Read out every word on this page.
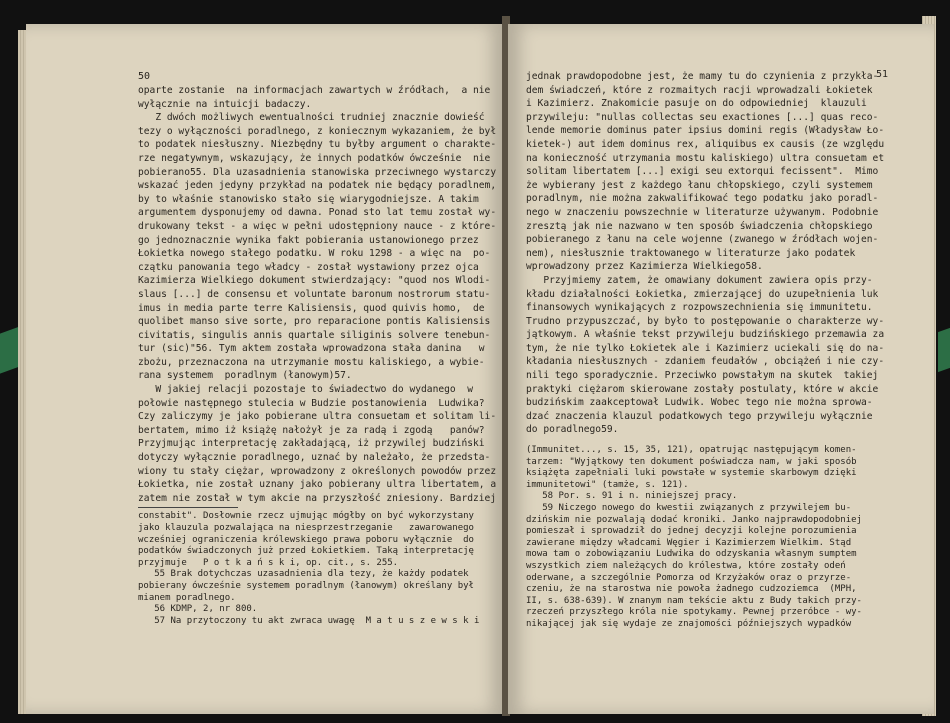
50
oparte zostanie  na informacjach zawartych w źródłach,  a nie
wyłącznie na intuicji badaczy.
Z dwóch możliwych ewentualności trudniej znacznie dowieść
tezy o wyłączności poradlnego, z koniecznym wykazaniem, że był
to podatek niesłuszny. Niezbędny tu byłby argument o charakte-
rze negatywnym, wskazujący, że innych podatków ówcześnie  nie
pobierano55. Dla uzasadnienia stanowiska przeciwnego wystarczy
wskazać jeden jedyny przykład na podatek nie będący poradlnem,
by to właśnie stanowisko stało się wiarygodniejsze. A takim
argumentem dysponujemy od dawna. Ponad sto lat temu został wy-
drukowany tekst - a więc w pełni udostępniony nauce - z które-
go jednoznacznie wynika fakt pobierania ustanowionego przez
Łokietka nowego stałego podatku. W roku 1298 - a więc na  po-
czątku panowania tego władcy - został wystawiony przez ojca
Kazimierza Wielkiego dokument stwierdzający: "quod nos Wlodi-
slaus [...] de consensu et voluntate baronum nostrorum statu-
imus in media parte terre Kalisiensis, quod quivis homo,  de
quolibet manso sive sorte, pro reparacione pontis Kalisiensis
civitatis, singulis annis quartale siliginis solvere tenebun-
tur (sic)"56. Tym aktem została wprowadzona stała danina   w
zbożu, przeznaczona na utrzymanie mostu kaliskiego, a wybie-
rana systemem  poradlnym (łanowym)57.
W jakiej relacji pozostaje to świadectwo do wydanego  w
połowie następnego stulecia w Budzie postanowienia  Ludwika?
Czy zaliczymy je jako pobierane ultra consuetam et solitam li-
bertatem, mimo iż książę nałożył je za radą i zgodą   panów?
Przyjmując interpretację zakładającą, iż przywilej budziński
dotyczy wyłącznie poradlnego, uznać by należało, że przedsta-
wiony tu stały ciężar, wprowadzony z określonych powodów przez
Łokietka, nie został uznany jako pobierany ultra libertatem, a
zatem nie został w tym akcie na przyszłość zniesiony. Bardziej
constabit". Dosłownie rzecz ujmując mógłby on być wykorzystany
jako klauzula pozwalająca na niesprzestrzeganie   zawarowanego
wcześniej ograniczenia królewskiego prawa poboru wyłącznie  do
podatków świadczonych już przed Łokietkiem. Taką interpretację
przyjmuje   P o t k a ń s k i, op. cit., s. 255.
55 Brak dotychczas uzasadnienia dla tezy, że każdy podatek
pobierany ówcześnie systemem poradlnym (łanowym) określany był
mianem poradlnego.
56 KDMP, 2, nr 800.
57 Na przytoczony tu akt zwraca uwagę  M a t u s z e w s k i
51
jednak prawdopodobne jest, że mamy tu do czynienia z przykła-
dem świadczeń, które z rozmaitych racji wprowadzali Łokietek
i Kazimierz. Znakomicie pasuje on do odpowiedniej  klauzuli
przywileju: "nullas collectas seu exactiones [...] quas reco-
lende memorie dominus pater ipsius domini regis (Władysław Ło-
kietek-) aut idem dominus rex, aliquibus ex causis (ze względu
na konieczność utrzymania mostu kaliskiego) ultra consuetam et
solitam libertatem [...] exigi seu extorqui fecissent".  Mimo
że wybierany jest z każdego łanu chłopskiego, czyli systemem
poradlnym, nie można zakwalifikować tego podatku jako poradl-
nego w znaczeniu powszechnie w literaturze używanym. Podobnie
zresztą jak nie nazwano w ten sposób świadczenia chłopskiego
pobieranego z łanu na cele wojenne (zwanego w źródłach wojen-
nem), niesłusznie traktowanego w literaturze jako podatek
wprowadzony przez Kazimierza Wielkiego58.
Przyjmiemy zatem, że omawiany dokument zawiera opis przy-
kładu działalności Łokietka, zmierzającej do uzupełnienia luk
finansowych wynikających z rozpowszechnienia się immunitetu.
Trudno przypuszczać, by było to postępowanie o charakterze wy-
jątkowym. A właśnie tekst przywileju budzińskiego przemawia za
tym, że nie tylko Łokietek ale i Kazimierz uciekali się do na-
kładania niesłusznych - zdaniem feudałów , obciążeń i nie czy-
nili tego sporadycznie. Przeciwko powstałym na skutek  takiej
praktyki ciężarom skierowane zostały postulaty, które w akcie
budzińskim zaakceptował Ludwik. Wobec tego nie można sprowa-
dzać znaczenia klauzul podatkowych tego przywileju wyłącznie
do poradlnego59.
(Immunitet..., s. 15, 35, 121), opatrując następującym komen-
tarzem: "Wyjątkowy ten dokument poświadcza nam, w jaki sposób
książęta zapełniali luki powstałe w systemie skarbowym dzięki
immunitetowi" (tamże, s. 121).
58 Por. s. 91 i n. niniejszej pracy.
59 Niczego nowego do kwestii związanych z przywilejem bu-
dzińskim nie pozwalają dodać kroniki. Janko najprawdopodobniej
pomieszał i sprowadził do jednej decyzji kolejne porozumienia
zawierane między władcami Węgier i Kazimierzem Wielkim. Stąd
mowa tam o zobowiązaniu Ludwika do odzyskania własnym sumptem
wszystkich ziem należących do królestwa, które zostały odeń
oderwane, a szczególnie Pomorza od Krzyżaków oraz o przyrze-
czeniu, że na starostwa nie powoła żadnego cudzoziemca  (MPH,
II, s. 638-639). W znanym nam tekście aktu z Budy takich przy-
rzeczeń przyszłego króla nie spotykamy. Pewnej przeróbce - wy-
nikającej jak się wydaje ze znajomości późniejszych wypadków
